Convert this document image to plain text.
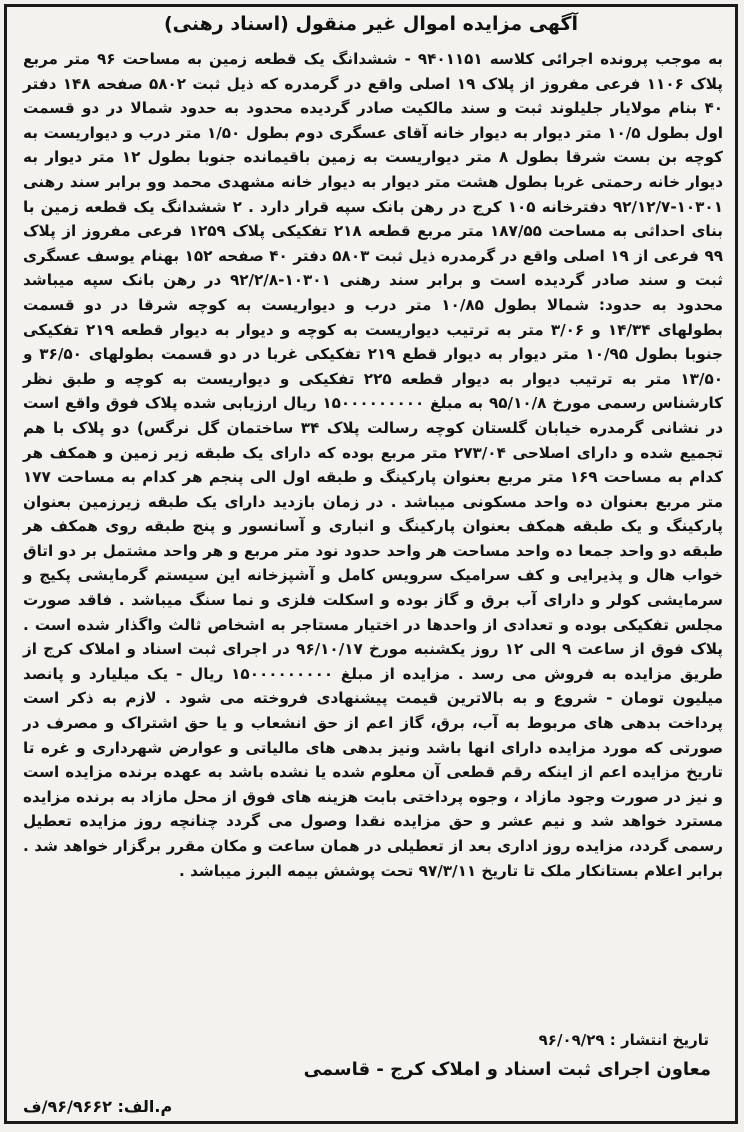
آگهی مزایده اموال غیر منقول (اسناد رهنی)
به موجب پرونده اجرائی کلاسه ۹۴۰۱۱۵۱ - ششدانگ یک قطعه زمین به مساحت ۹۶ متر مربع پلاک ۱۱۰۶ فرعی مفروز از پلاک ۱۹ اصلی واقع در گرمدره که ذیل ثبت ۵۸۰۲ صفحه ۱۴۸ دفتر ۴۰ بنام مولایار جلیلوند ثبت و سند مالکیت صادر گردیده محدود به حدود شمالا در دو قسمت اول بطول ۱۰/۵ متر دیوار به دیوار خانه آقای عسگری دوم بطول ۱/۵۰ متر درب و دیواریست به کوچه بن بست شرقا بطول ۸ متر دیواریست به زمین باقیمانده جنوبا بطول ۱۲ متر دیوار به دیوار خانه رحمتی غربا بطول هشت متر دیوار به دیوار خانه مشهدی محمد وو برابر سند رهنی ۱۰۳۰۱-۹۲/۱۲/۷ دفترخانه ۱۰۵ کرج در رهن بانک سپه قرار دارد . ۲ ششدانگ یک قطعه زمین با بنای احداثی به مساحت ۱۸۷/۵۵ متر مربع قطعه ۲۱۸ تفکیکی پلاک ۱۲۵۹ فرعی مفروز از پلاک ۹۹ فرعی از ۱۹ اصلی واقع در گرمدره ذیل ثبت ۵۸۰۳ دفتر ۴۰ صفحه ۱۵۲ بهنام یوسف عسگری ثبت و سند صادر گردیده است و برابر سند رهنی ۱۰۳۰۱-۹۲/۲/۸ در رهن بانک سپه میباشد محدود به حدود: شمالا بطول ۱۰/۸۵ متر درب و دیواریست به کوچه شرقا در دو قسمت بطولهای ۱۴/۳۴ و ۳/۰۶ متر به ترتیب دیواریست به کوچه و دیوار به دیوار قطعه ۲۱۹ تفکیکی جنوبا بطول ۱۰/۹۵ متر دیوار به دیوار قطع ۲۱۹ تفکیکی غربا در دو قسمت بطولهای ۳۶/۵۰ و ۱۳/۵۰ متر به ترتیب دیوار به دیوار قطعه ۲۲۵ تفکیکی و دیواریست به کوچه و طبق نظر کارشناس رسمی مورخ ۹۵/۱۰/۸ به مبلغ ۱۵۰۰۰۰۰۰۰۰۰ ریال ارزیابی شده پلاک فوق واقع است در نشانی گرمدره خیابان گلستان کوچه رسالت پلاک ۳۴ ساختمان گل نرگس) دو پلاک با هم تجمیع شده و دارای اصلاحی ۲۷۳/۰۴ متر مربع بوده که دارای یک طبقه زیر زمین و همکف هر کدام به مساحت ۱۶۹ متر مربع بعنوان پارکینگ و طبقه اول الی پنجم هر کدام به مساحت ۱۷۷ متر مربع بعنوان ده واحد مسکونی میباشد . در زمان بازدید دارای یک طبقه زیرزمین بعنوان پارکینگ و یک طبقه همکف بعنوان پارکینگ و انباری و آسانسور و پنج طبقه روی همکف هر طبقه دو واحد جمعا ده واحد مساحت هر واحد حدود نود متر مربع و هر واحد مشتمل بر دو اتاق خواب هال و پذیرایی و کف سرامیک سرویس کامل و آشپزخانه این سیستم گرمایشی پکیج و سرمایشی کولر و دارای آب برق و گاز بوده و اسکلت فلزی و نما سنگ میباشد . فاقد صورت مجلس تفکیکی بوده و تعدادی از واحدها در اختیار مستاجر به اشخاص ثالث واگذار شده است . پلاک فوق از ساعت ۹ الی ۱۲ روز یکشنبه مورخ ۹۶/۱۰/۱۷ در اجرای ثبت اسناد و املاک کرج از طریق مزایده به فروش می رسد . مزایده از مبلغ ۱۵۰۰۰۰۰۰۰۰۰ ریال - یک میلیارد و پانصد میلیون تومان - شروع و به بالاترین قیمت پیشنهادی فروخته می شود . لازم به ذکر است پرداخت بدهی های مربوط به آب، برق، گاز اعم از حق انشعاب و یا حق اشتراک و مصرف در صورتی که مورد مزایده دارای انها باشد ونیز بدهی های مالیاتی و عوارض شهرداری و غره تا تاریخ مزایده اعم از اینکه رقم قطعی آن معلوم شده یا نشده باشد به عهده برنده مزایده است و نیز در صورت وجود مازاد ، وجوه پرداختی بابت هزینه های فوق از محل مازاد به برنده مزایده مسترد خواهد شد و نیم عشر و حق مزایده نقدا وصول می گردد چنانچه روز مزایده تعطیل رسمی گردد، مزایده روز اداری بعد از تعطیلی در همان ساعت و مکان مقرر برگزار خواهد شد . برابر اعلام بستانکار ملک تا تاریخ ۹۷/۳/۱۱ تحت پوشش بیمه البرز میباشد .
تاریخ انتشار : ۹۶/۰۹/۲۹
معاون اجرای ثبت اسناد و املاک کرج - قاسمی
م.الف: ۹۶/۹۶۶۲/ف
